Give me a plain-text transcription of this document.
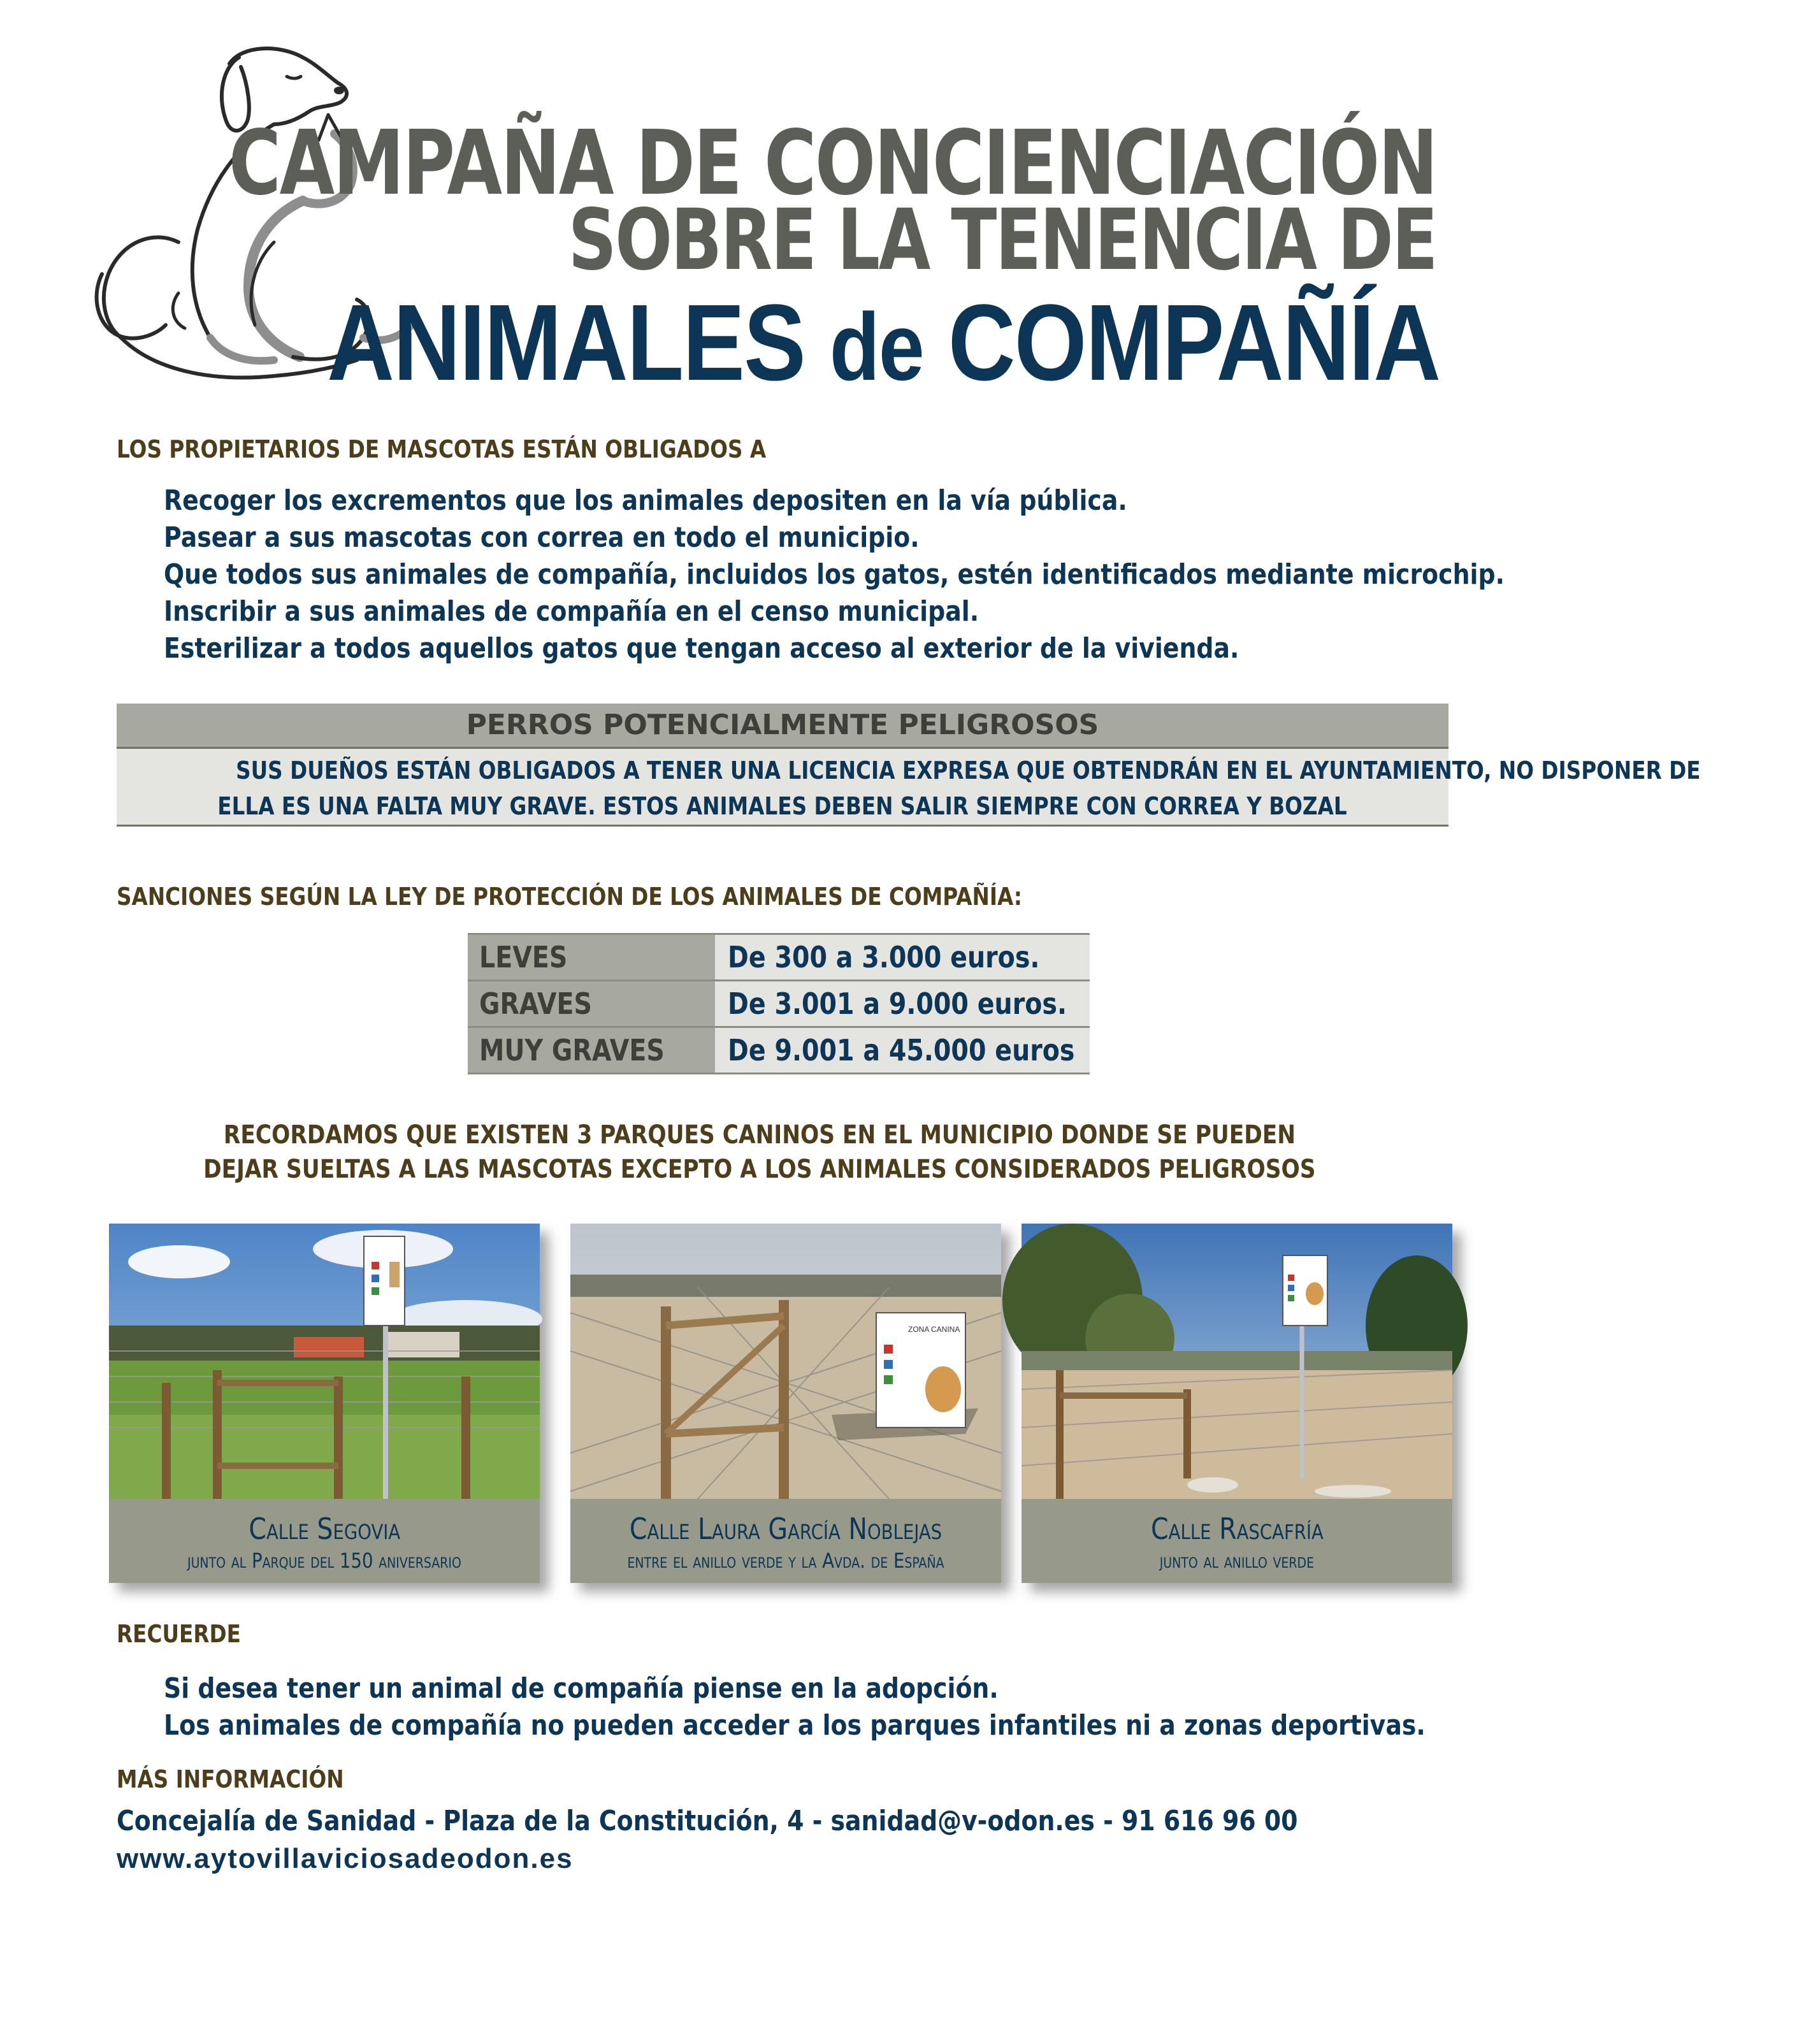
CAMPAÑA DE CONCIENCIACIÓN
SOBRE LA TENENCIA DE
ANIMALES de COMPAÑÍA
LOS PROPIETARIOS DE MASCOTAS ESTÁN OBLIGADOS A
Recoger los excrementos que los animales depositen en la vía pública.
Pasear a sus mascotas con correa en todo el municipio.
Que todos sus animales de compañía, incluidos los gatos, estén identificados mediante microchip.
Inscribir a sus animales de compañía en el censo municipal.
Esterilizar a todos aquellos gatos que tengan acceso al exterior de la vivienda.
PERROS POTENCIALMENTE PELIGROSOS
SUS DUEÑOS ESTÁN OBLIGADOS A TENER UNA LICENCIA EXPRESA QUE OBTENDRÁN EN EL AYUNTAMIENTO, NO DISPONER DE
ELLA ES UNA FALTA MUY GRAVE. ESTOS ANIMALES DEBEN SALIR SIEMPRE CON CORREA Y BOZAL
SANCIONES SEGÚN LA LEY DE PROTECCIÓN DE LOS ANIMALES DE COMPAÑÍA:
LEVES	De 300 a 3.000 euros.
GRAVES	De 3.001 a 9.000 euros.
MUY GRAVES	De 9.001 a 45.000 euros
RECORDAMOS QUE EXISTEN 3 PARQUES CANINOS EN EL MUNICIPIO DONDE SE PUEDEN
DEJAR SUELTAS A LAS MASCOTAS EXCEPTO A LOS ANIMALES CONSIDERADOS PELIGROSOS
Calle Segovia
junto al Parque del 150 aniversario
ZONA CANINA
Calle Laura García Noblejas
entre el anillo verde y la Avda. de España
Calle Rascafría
junto al anillo verde
RECUERDE
Si desea tener un animal de compañía piense en la adopción.
Los animales de compañía no pueden acceder a los parques infantiles ni a zonas deportivas.
MÁS INFORMACIÓN
Concejalía de Sanidad - Plaza de la Constitución, 4 - sanidad@v-odon.es - 91 616 96 00
www.aytovillaviciosadeodon.es
